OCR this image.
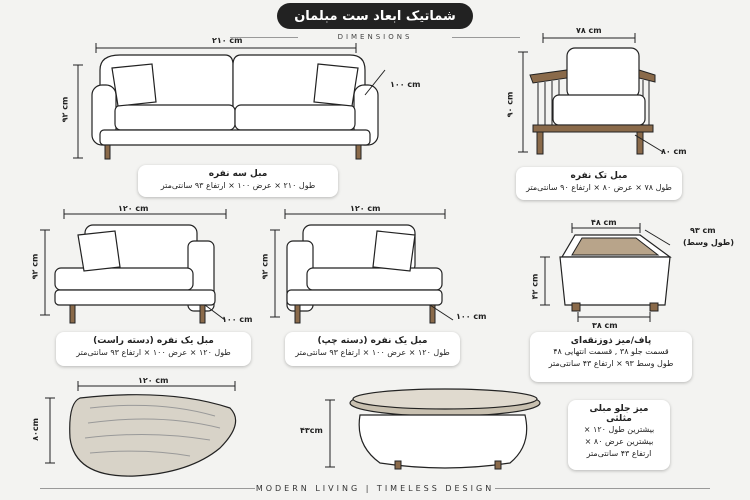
شماتیک ابعاد ست مبلمان
DIMENSIONS
۲۱۰ cm
۹۲ cm
۱۰۰ cm
مبل سه نفره
طول ۲۱۰ × عرض ۱۰۰ × ارتفاع ۹۳ سانتی‌متر
۷۸ cm
۹۰ cm
۸۰ cm
مبل تک نفره
طول ۷۸ × عرض ۸۰ × ارتفاع ۹۰ سانتی‌متر
۱۲۰ cm
۹۲ cm
۱۰۰ cm
مبل یک نفره (دسته راست)
طول ۱۲۰ × عرض ۱۰۰ × ارتفاع ۹۳ سانتی‌متر
۱۲۰ cm
۹۲ cm
۱۰۰ cm
مبل یک نفره (دسته چپ)
طول ۱۲۰ × عرض ۱۰۰ × ارتفاع ۹۳ سانتی‌متر
۴۸ cm
۴۲ cm
۳۸ cm
۹۳ cm
(طول وسط)
پاف/میز ذوزنقه‌ای
قسمت جلو ۳۸ , قسمت انتهایی ۴۸
طول وسط ۹۳ × ارتفاع ۴۳ سانتی‌متر
۱۲۰ cm
۸۰cm	۴۳cm
میز جلو مبلی مثلثی
بیشترین طول ۱۲۰ ×
بیشترین عرض ۸۰ ×
ارتفاع ۴۳ سانتی‌متر
MODERN LIVING | TIMELESS DESIGN
